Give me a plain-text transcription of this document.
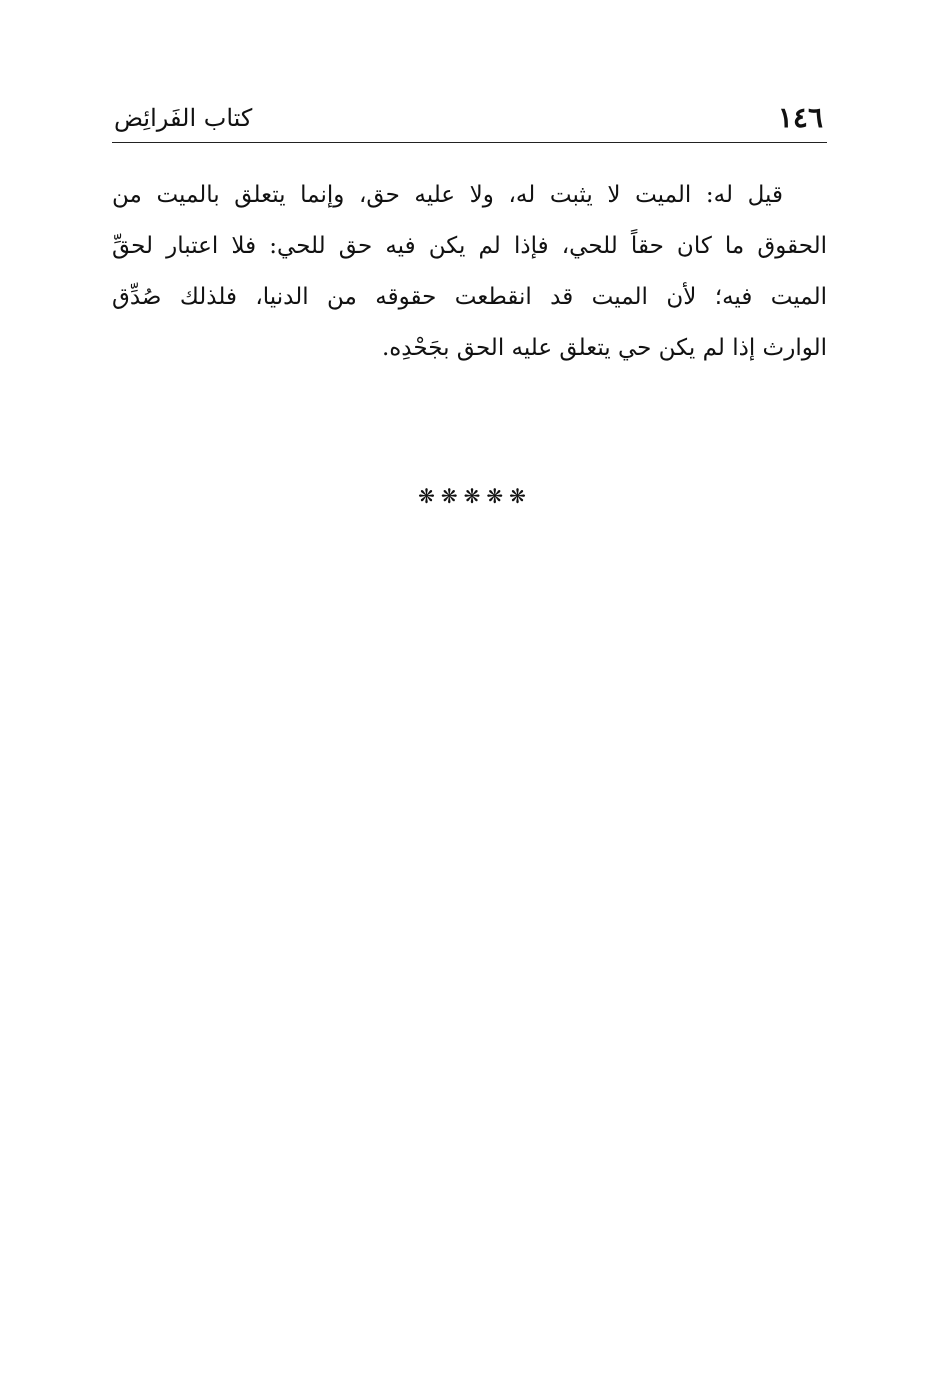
١٤٦
كتاب الفَرائِض
قيل له: الميت لا يثبت له، ولا عليه حق، وإنما يتعلق بالميت من
الحقوق ما كان حقاً للحي، فإذا لم يكن فيه حق للحي: فلا اعتبار لحقِّ
الميت فيه؛ لأن الميت قد انقطعت حقوقه من الدنيا، فلذلك صُدِّق
الوارث إذا لم يكن حي يتعلق عليه الحق بجَحْدِه.
❋❋❋❋❋
